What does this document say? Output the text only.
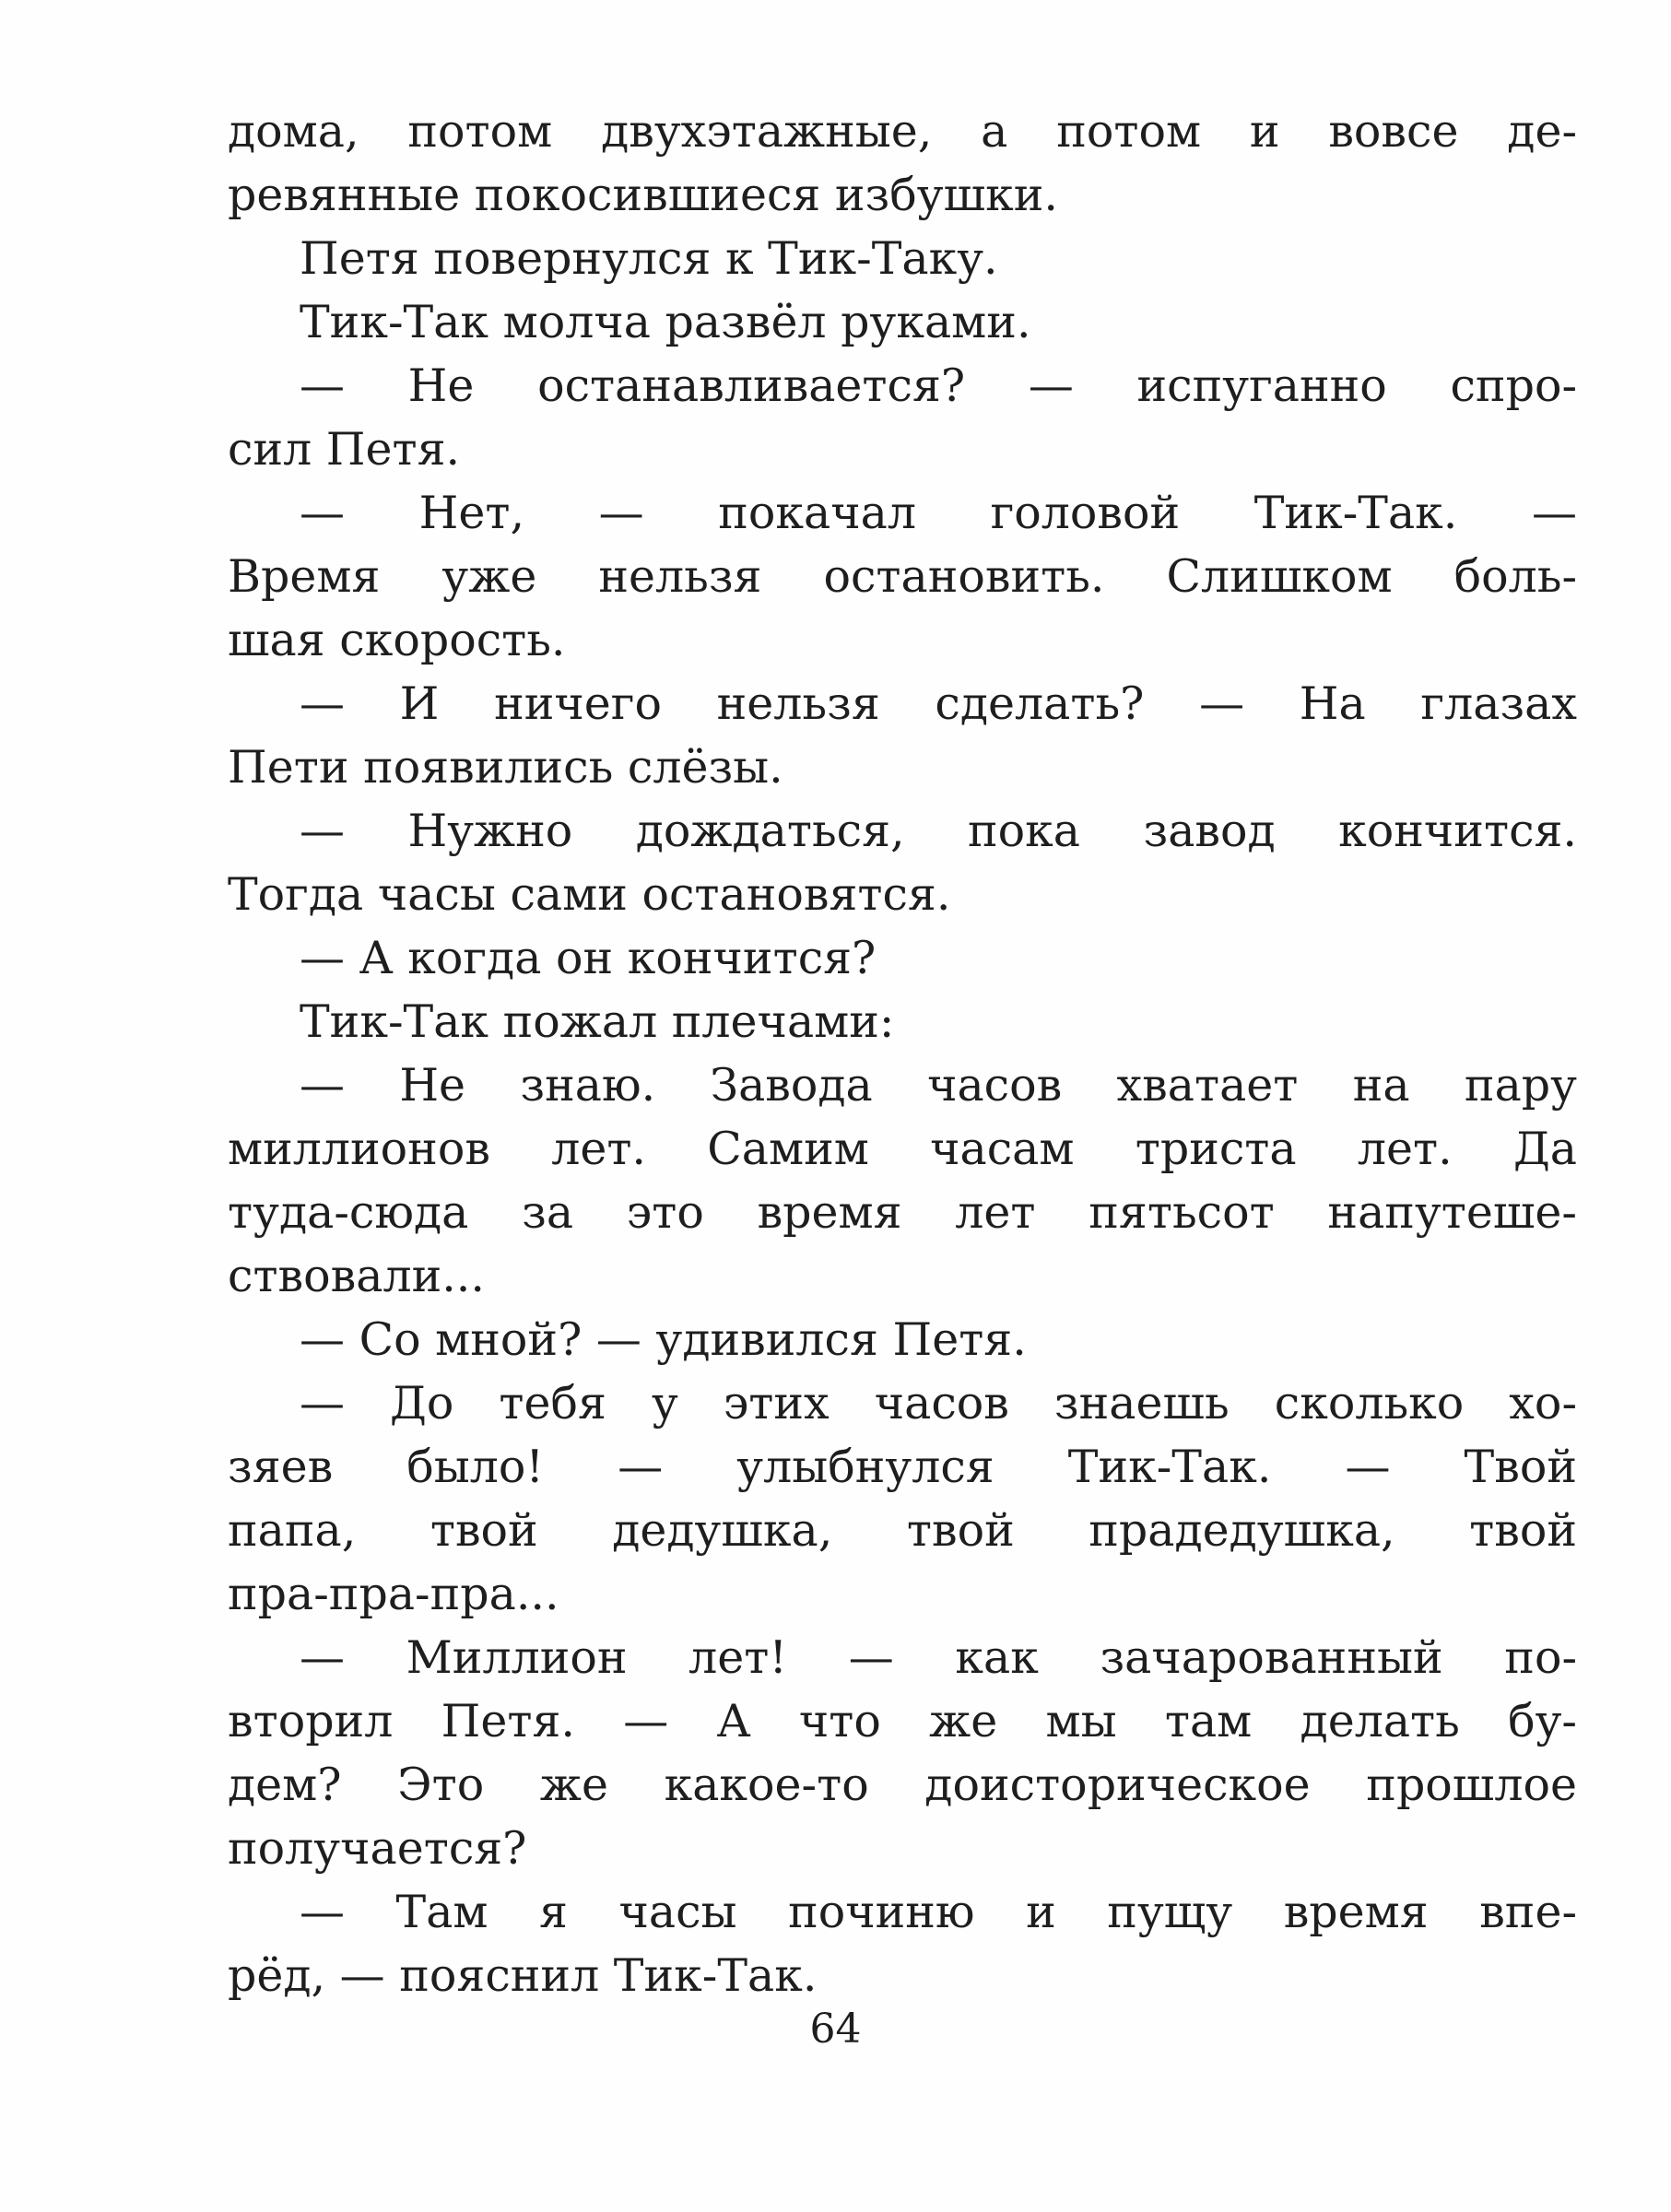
дома, потом двухэтажные, а потом и вовсе де-
ревянные покосившиеся избушки.
Петя повернулся к Тик-Таку.
Тик-Так молча развёл руками.
— Не останавливается? — испуганно спро-
сил Петя.
— Нет, — покачал головой Тик-Так. —
Время уже нельзя остановить. Слишком боль-
шая скорость.
— И ничего нельзя сделать? — На глазах
Пети появились слёзы.
— Нужно дождаться, пока завод кончится.
Тогда часы сами остановятся.
— А когда он кончится?
Тик-Так пожал плечами:
— Не знаю. Завода часов хватает на пару
миллионов лет. Самим часам триста лет. Да
туда-сюда за это время лет пятьсот напутеше-
ствовали...
— Со мной? — удивился Петя.
— До тебя у этих часов знаешь сколько хо-
зяев было! — улыбнулся Тик-Так. — Твой
папа, твой дедушка, твой прадедушка, твой
пра-пра-пра...
— Миллион лет! — как зачарованный по-
вторил Петя. — А что же мы там делать бу-
дем? Это же какое-то доисторическое прошлое
получается?
— Там я часы починю и пущу время впе-
рёд, — пояснил Тик-Так.
64
